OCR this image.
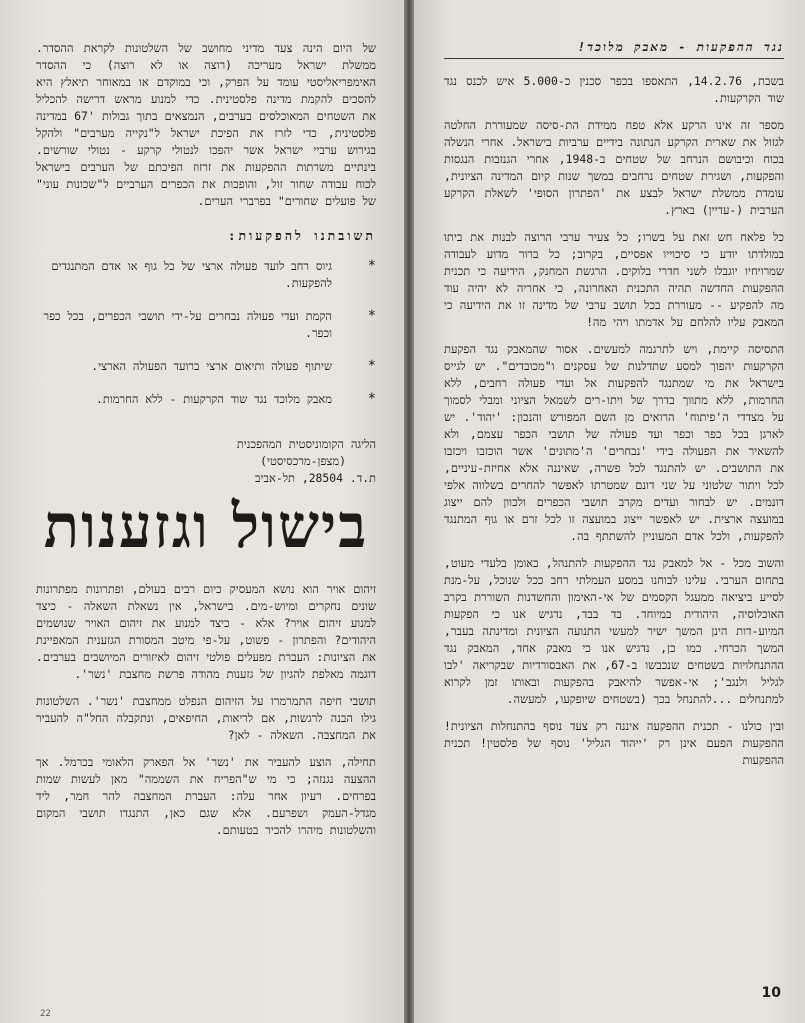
של היום הינה צעד מדיני מחושב של השלטונות לקראת ההסדר. ממשלת ישראל מעריכה (רוצה או לא רוצה) כי ההסדר האימפריאליסטי עומד על הפרק, וכי במוקדם או במאוחר תיאלץ היא להסכים להקמת מדינה פלסטינית. כדי למנוע מראש דרישה להכליל את השטחים המאוכלסים בערבים, הנמצאים בתוך גבולות '67 במדינה פלסטינית, כדי לזרז את הפיכת ישראל ל"נקייה מערבים" ולהקל בגירוש ערביי ישראל אשר יהפכו לנטולי קרקע - נטולי שורשים. בינתיים משרתות ההפקעות את זרזוז הפיכתם של הערבים בישראל לכוח עבודה שחור זול, והופכות את הכפרים הערביים ל"שכונות עוני" של פועלים שחורים" בפרברי הערים.

תשובתנו להפקעות:
*
גיוס רחב לועד פעולה ארצי של כל גוף או אדם המתנגדים להפקעות.
*
הקמת ועדי פעולה נבחרים על-ידי תושבי הכפרים, בכל כפר וכפר.
*
שיתוף פעולה ותיאום ארצי ברועד הפעולה הארצי.
*
מאבק מלוכד נגד שוד הקרקעות - ללא החרמות.
הליגה הקומוניסטית המהפכנית
(מצפן-מרכסיסטי)
ת.ד. 28504, תל-אביב
בישול וגזענות

זיהום אויר הוא נושא המעסיק כיום רבים בעולם, ופתרונות מפתרונות שונים נחקרים ומיוש-מים. בישראל, אין נשאלת השאלה - כיצד למנוע זיהום אויר? אלא - כיצד למנוע את זיהום האויר שנושמים היהודים? והפתרון - פשוט, על-פי מיטב המסורת הגזענית המאפיינת את הציונות: העברת מפעלים פולטי זיהום לאיזורים המיושבים בערבים. דוגמה מאלפת להגיון של גזענות מהודה פרשת מחצבת 'נשר'.

תושבי חיפה התמרמרו על הזיהום הנפלט ממחצבת 'נשר'. השלטונות גילו הבנה לרגשות, אם לריאות, החיפאים, ונתקבלה החל"ה להעביר את המחצבה. השאלה - לאן?

תחילה, הוצע להעביר את 'נשר' אל הפארק הלאומי בכרמל. אך ההצעה נגנזה; כי מי ש"הפריח את השממה" מאן לעשות שמות בפרחים. רעיון אחר עלה: העברת המחצבה להר חמר, ליד מגדל-העמק ושפרעם. אלא שגם כאן, התנגדו תושבי המקום והשלטונות מיהרו להכיר בטעותם.

22
נגד ההפקעות - מאבק מלוכד!

בשבת, 14.2.76, התאספו בכפר סכנין כ-5.000 איש לכנס נגד שוד הקרקעות.

מספר זה אינו הרקע אלא טפח ממידת הת-סיסה שמעוררת החלטה לגזול את שארית הקרקע הנתונה בידיים ערביות בישראל. אחרי הנשלה בכוח וכיבושם הנרחב של שטחים ב-1948, אחרי הגנזבות הנגסות והפקעות, ושגירת שטחים נרחבים במשך שנות קיום המדינה הציונית, עומדת ממשלת ישראל לבצע את 'הפתרון הסופי' לשאלת הקרקע הערבית (-עדיין) בארץ.

כל פלאח חש זאת על בשרו; כל צעיר ערבי הרוצה לבנות את ביתו במולדתו יודע כי סיכוייו אפסיים, בקרוב; כל ברור מדוע לעבודה שמרויחיו יוגבלו לשני חדרי בלוקים. הרגשת המחנק, הידיעה כי תכנית ההפקעות החדשה תהיה התכנית האחרונה, כי אחריה לא יהיה עוד מה להפקיע -- מעוררת בכל תושב ערבי של מדינה זו את הידיעה כי המאבק עליו להלחם על אדמתו ויהי מה!

התסיסה קיימת, ויש לתרגמה למעשים. אסור שהמאבק נגד הפקעת הקרקעות יהפוך למסע שתדלנות של עסקנים ו"מכובדים". יש לגייס בישראל את מי שמתנגד להפקעות אל ועדי פעולה רחבים, ללא החרמות, ללא מתווך בדרך של ויתו-רים לשמאל הציוני ומבלי לסמוך על מצדדי ה'פיתוח' הרואים מן השם המפורש והנכון: 'יהוד'. יש לארגן בכל כפר וכפר ועד פעולה של תושבי הכפר עצמם, ולא להשאיר את הפעולה בידי 'נבחרים' ה'מתונים' אשר הוכזבו ויכזבו את התושבים. יש להתנגד לכל פשרה, שאיננה אלא אחיזת-עיניים, לכל ויתור שלטוני על שני דונם שמטרתו לאפשר להחרים בשלווה אלפי דונמים. יש לבחור ועדים מקרב תושבי הכפרים ולכוון להם ייצוג במועצה ארצית. יש לאפשר ייצוג במועצה זו לכל זרם או גוף המתנגד להפקעות, ולכל אדם המעוניין להשתתף בה.

והשוב מכל - אל למאבק נגד ההפקעות להתנהל, כאומן בלעדי מעוט, בתחום הערבי. עלינו לבוחנו במסע העמלתי רחב ככל שנוכל, על-מנת לסייע ביציאה ממעגל הקסמים של אי-האימון והחשדנות השוררת בקרב האוכלוסיה, היהודית במיוחד. בד בבד, נדגיש אנו כי הפקעות המיוע-דות הינן המשך ישיר למעשי התנועה הציונית ומדינתה בעבר, המשך הכרחי. כמו כן, נדגיש אנו כי מאבק אחד, המאבק נגד ההתנחלויות בשטחים שנכבשו ב-67, את האבסורדיות שבקריאה 'לבו לגליל ולנגב'; אי-אפשר להיאבק בהפקעות ובאותו זמן לקרוא למתנחלים ...להתנחל בכך (בשטחים שיופקעו, למעשה.

ובין כולנו - תכנית ההפקעה איננה רק צעד נוסף בהתנחלות הציונית! ההפקעות הפעם אינן רק 'ייהוד הגליל' נוסף של פלסטין! תכנית ההפקעות

10
